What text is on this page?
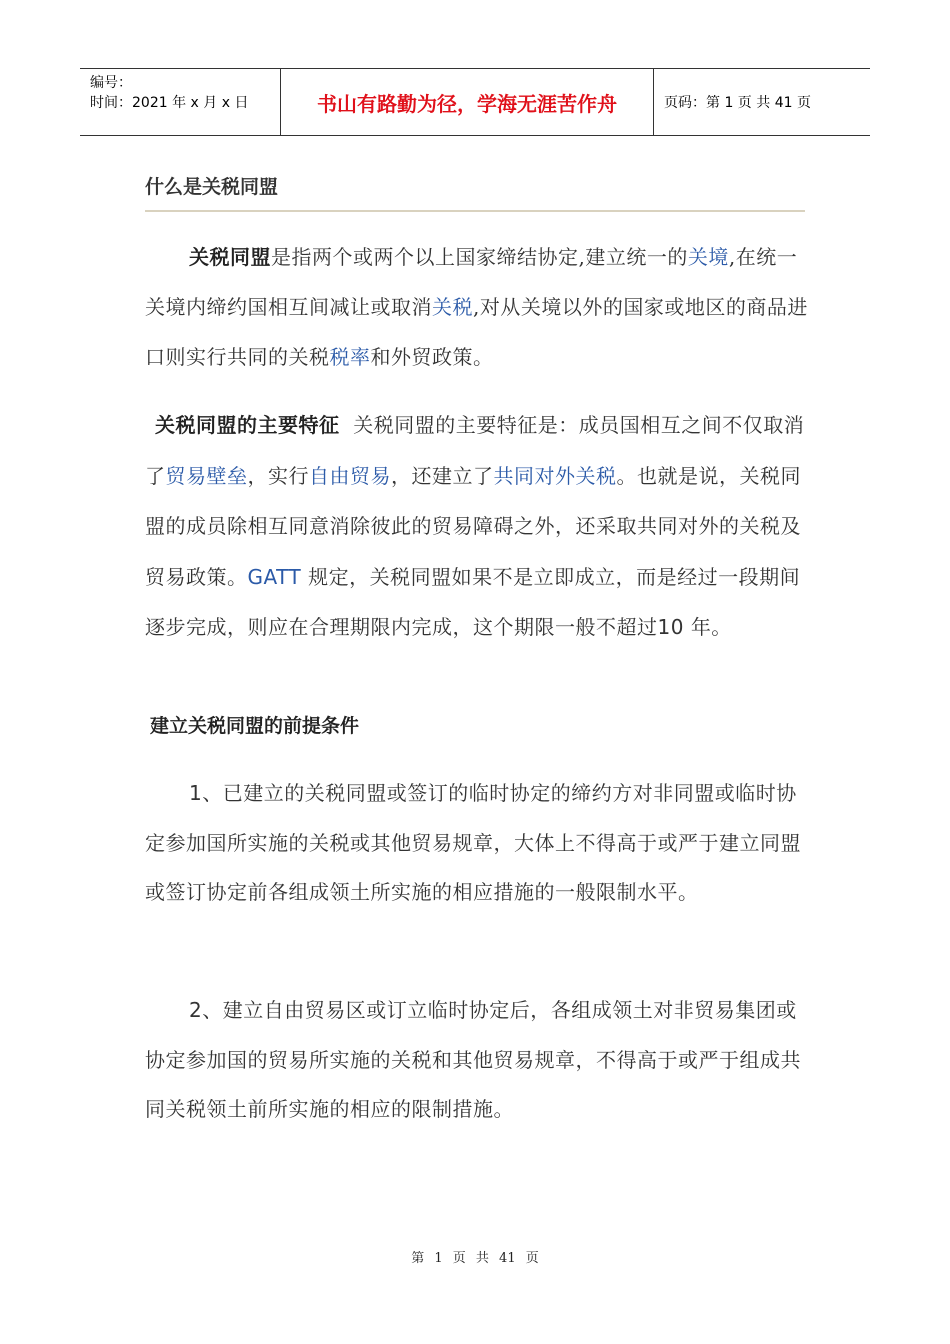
编号：
时间：2021 年 x 月 x 日	书山有路勤为径，学海无涯苦作舟	页码：第 1 页 共 41 页
什么是关税同盟
关税同盟是指两个或两个以上国家缔结协定,建立统一的关境,在统一关境内缔约国相互间减让或取消关税,对从关境以外的国家或地区的商品进口则实行共同的关税税率和外贸政策。
关税同盟的主要特征 关税同盟的主要特征是：成员国相互之间不仅取消了贸易壁垒，实行自由贸易，还建立了共同对外关税。也就是说，关税同盟的成员除相互同意消除彼此的贸易障碍之外，还采取共同对外的关税及贸易政策。GATT 规定，关税同盟如果不是立即成立，而是经过一段期间逐步完成，则应在合理期限内完成，这个期限一般不超过10 年。
建立关税同盟的前提条件
1、已建立的关税同盟或签订的临时协定的缔约方对非同盟或临时协定参加国所实施的关税或其他贸易规章，大体上不得高于或严于建立同盟或签订协定前各组成领土所实施的相应措施的一般限制水平。
2、建立自由贸易区或订立临时协定后，各组成领土对非贸易集团或协定参加国的贸易所实施的关税和其他贸易规章，不得高于或严于组成共同关税领土前所实施的相应的限制措施。
第 1 页 共 41 页
